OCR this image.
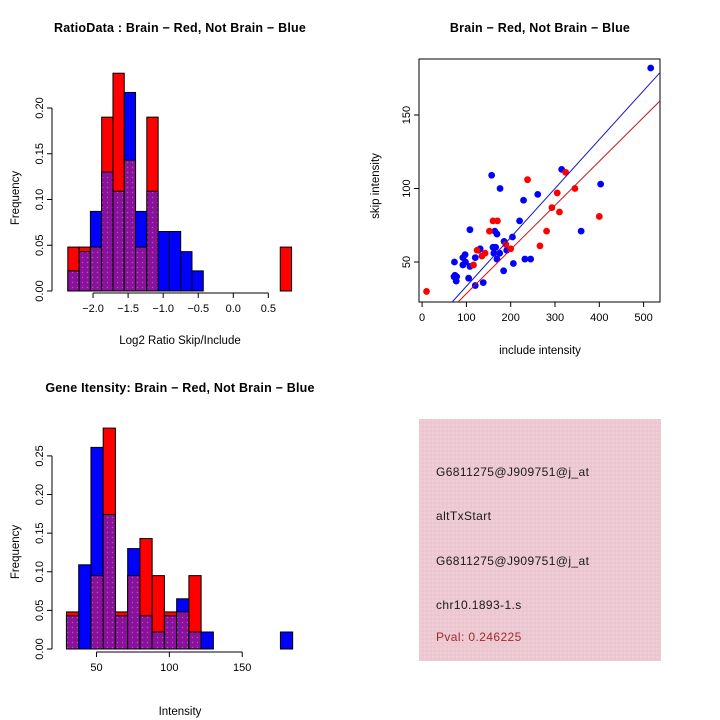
−2.0 −1.5 −1.0 −0.5 0.0 0.5
0.00
0.05
0.10
0.15
0.20
RatioData : Brain − Red, Not Brain − Blue
Log2 Ratio Skip/Include
Frequency
0	100 200 300 400 500
50
100
150
Brain − Red, Not Brain − Blue
include intensity
skip intensity
50	100	150
0.00
0.05
0.10
0.15
0.20
0.25
Gene Itensity: Brain − Red, Not Brain − Blue
Intensity
Frequency
G6811275@J909751@j_at
altTxStart
G6811275@J909751@j_at
chr10.1893-1.s
Pval: 0.246225
